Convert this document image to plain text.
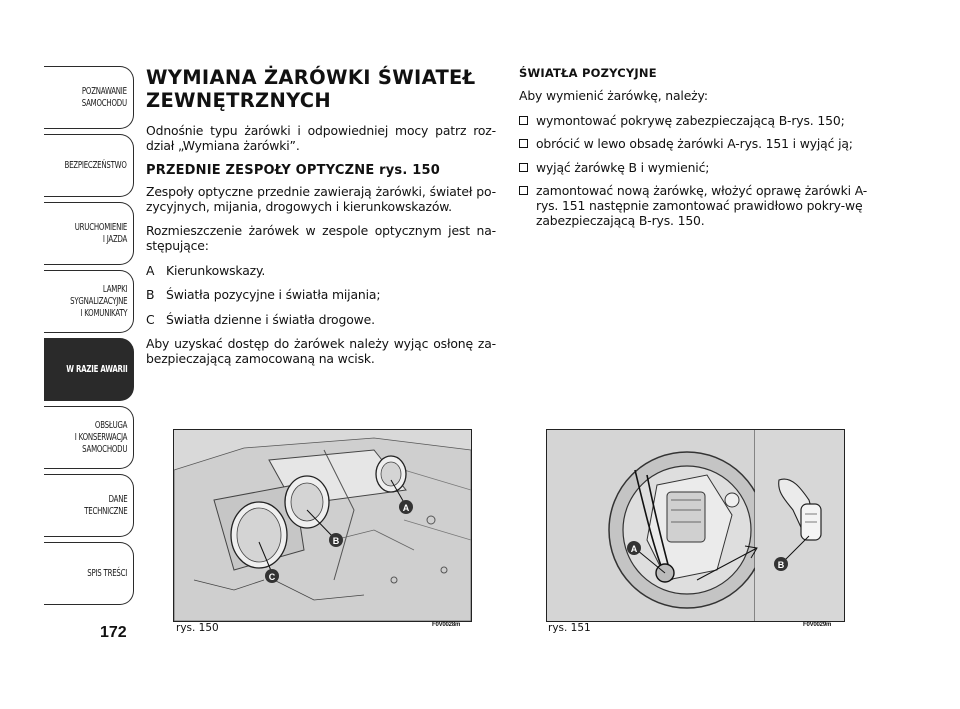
POZNAWANIE
SAMOCHODU
BEZPIECZEŃSTWO
URUCHOMIENIE
I JAZDA
LAMPKI
SYGNALIZACYJNE
I KOMUNIKATY
W RAZIE AWARII
OBSŁUGA
I KONSERWACJA
SAMOCHODU
DANE
TECHNICZNE
SPIS TREŚCI
172
WYMIANA ŻARÓWKI ŚWIATEŁ
ZEWNĘTRZNYCH

Odnośnie typu żarówki i odpowiedniej mocy patrz roz-dział „Wymiana żarówki”.

PRZEDNIE ZESPOŁY OPTYCZNE rys. 150

Zespoły optyczne przednie zawierają żarówki, świateł po-zycyjnych, mijania, drogowych i kierunkowskazów.

Rozmieszczenie żarówek w zespole optycznym jest na-stępujące:

A Kierunkowskazy.
B Światła pozycyjne i światła mijania;
C Światła dzienne i światła drogowe.

Aby uzyskać dostęp do żarówek należy wyjąc osłonę za-bezpieczającą zamocowaną na wcisk.

ŚWIATŁA POZYCYJNE

Aby wymienić żarówkę, należy:

wymontować pokrywę zabezpieczającą B-rys. 150;
obrócić w lewo obsadę żarówki A-rys. 151 i wyjąć ją;
wyjąć żarówkę B i wymienić;
zamontować nową żarówkę, włożyć oprawę żarówki A-rys. 151 następnie zamontować prawidłowo pokry-wę zabezpieczającą B-rys. 150.
A
B
C
rys. 150	F0V0028m
A
B
rys. 151	F0V0029m
